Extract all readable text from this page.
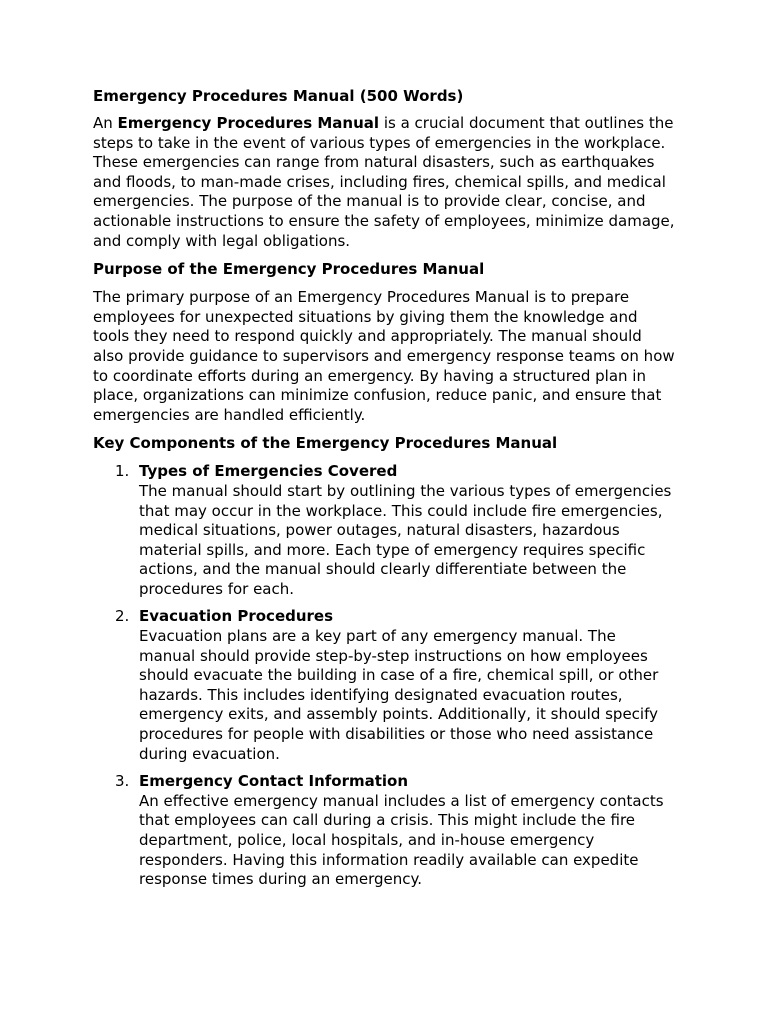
Emergency Procedures Manual (500 Words)

An Emergency Procedures Manual is a crucial document that outlines the steps to take in the event of various types of emergencies in the workplace. These emergencies can range from natural disasters, such as earthquakes and floods, to man-made crises, including fires, chemical spills, and medical emergencies. The purpose of the manual is to provide clear, concise, and actionable instructions to ensure the safety of employees, minimize damage, and comply with legal obligations.

Purpose of the Emergency Procedures Manual

The primary purpose of an Emergency Procedures Manual is to prepare employees for unexpected situations by giving them the knowledge and tools they need to respond quickly and appropriately. The manual should also provide guidance to supervisors and emergency response teams on how to coordinate efforts during an emergency. By having a structured plan in place, organizations can minimize confusion, reduce panic, and ensure that emergencies are handled efficiently.

Key Components of the Emergency Procedures Manual
1. Types of Emergencies Covered
The manual should start by outlining the various types of emergencies that may occur in the workplace. This could include fire emergencies, medical situations, power outages, natural disasters, hazardous material spills, and more. Each type of emergency requires specific actions, and the manual should clearly differentiate between the procedures for each.
2. Evacuation Procedures
Evacuation plans are a key part of any emergency manual. The manual should provide step-by-step instructions on how employees should evacuate the building in case of a fire, chemical spill, or other hazards. This includes identifying designated evacuation routes, emergency exits, and assembly points. Additionally, it should specify procedures for people with disabilities or those who need assistance during evacuation.
3. Emergency Contact Information
An effective emergency manual includes a list of emergency contacts that employees can call during a crisis. This might include the fire department, police, local hospitals, and in-house emergency responders. Having this information readily available can expedite response times during an emergency.
